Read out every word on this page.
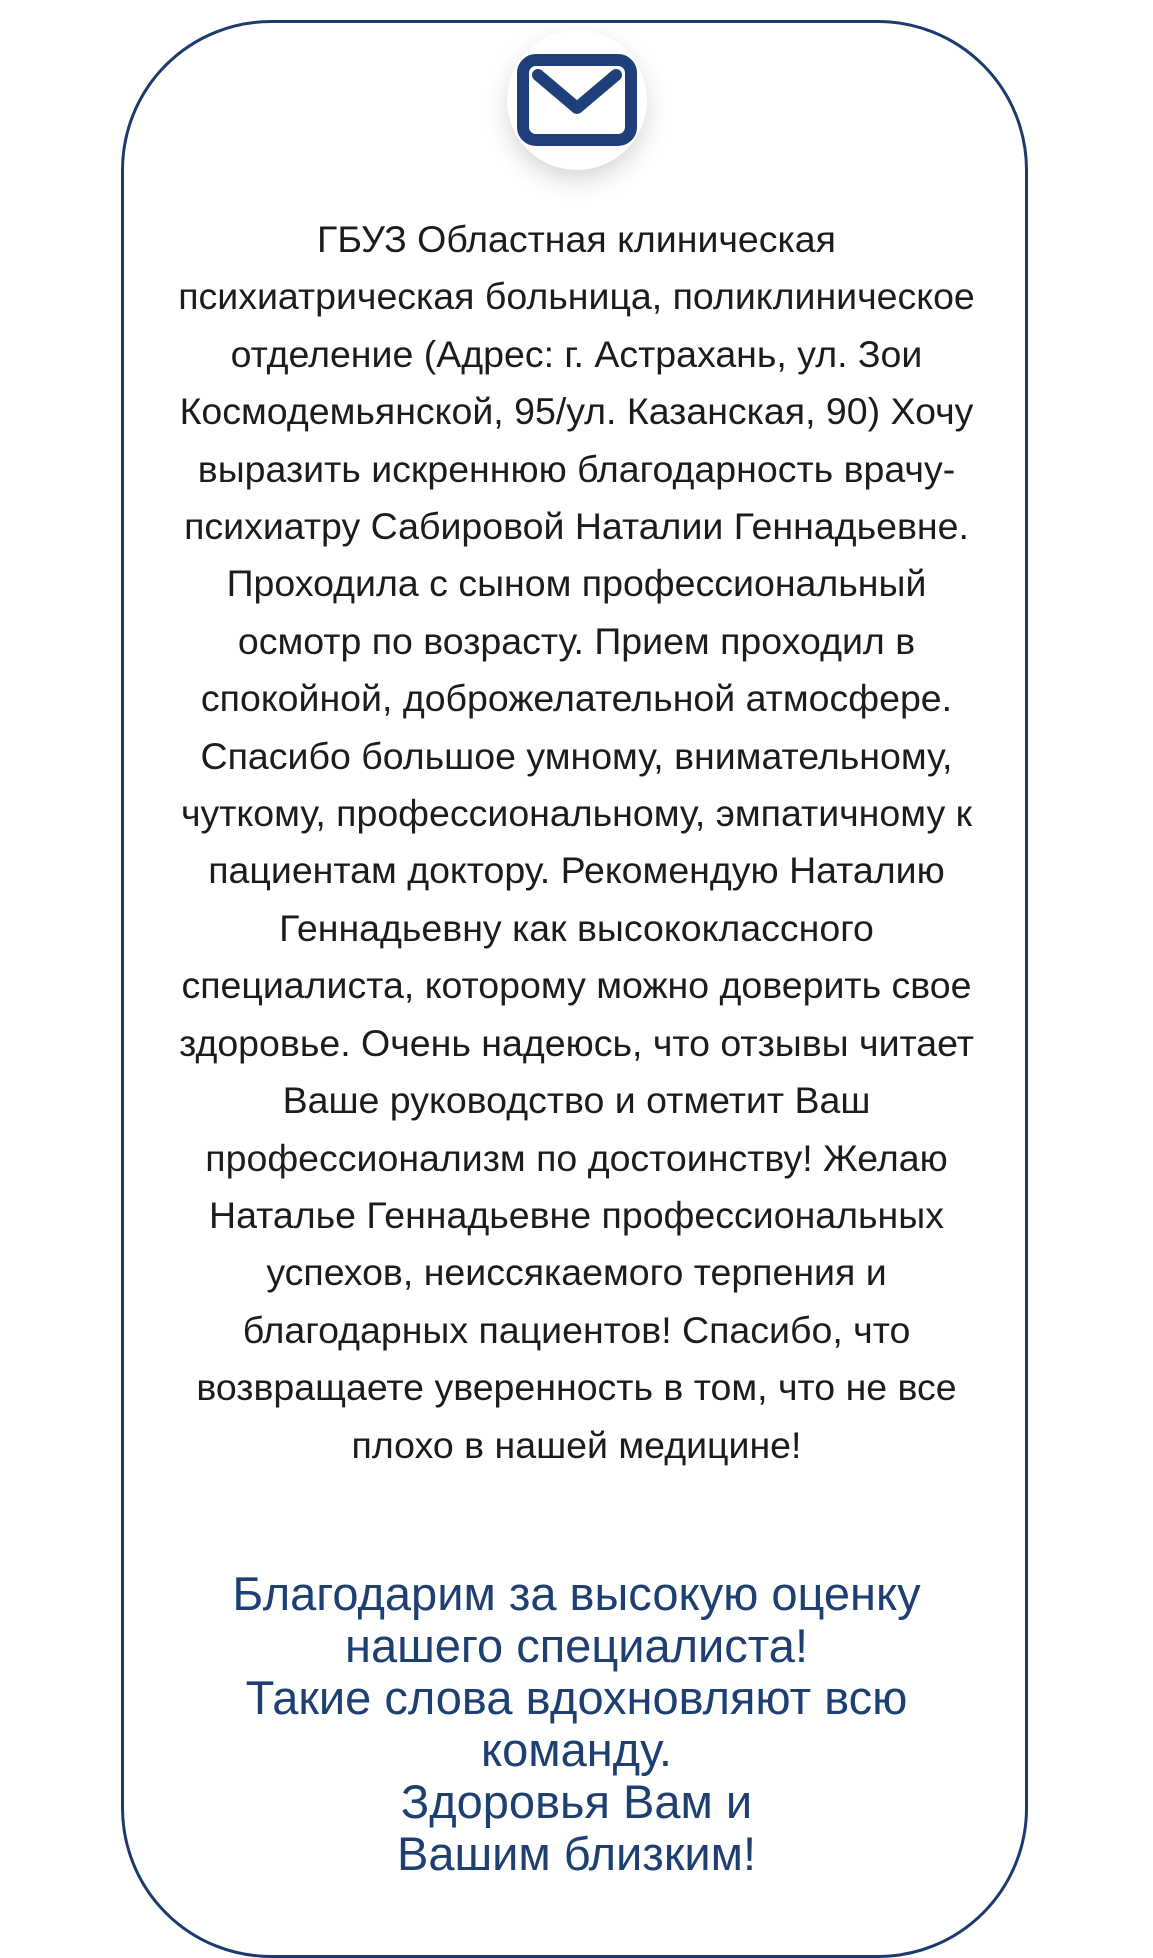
ГБУЗ Областная клиническая
психиатрическая больница, поликлиническое
отделение (Адрес: г. Астрахань, ул. Зои
Космодемьянской, 95/ул. Казанская, 90) Хочу
выразить искреннюю благодарность врачу-
психиатру Сабировой Наталии Геннадьевне.
Проходила с сыном профессиональный
осмотр по возрасту. Прием проходил в
спокойной, доброжелательной атмосфере.
Спасибо большое умному, внимательному,
чуткому, профессиональному, эмпатичному к
пациентам доктору. Рекомендую Наталию
Геннадьевну как высококлассного
специалиста, которому можно доверить свое
здоровье. Очень надеюсь, что отзывы читает
Ваше руководство и отметит Ваш
профессионализм по достоинству! Желаю
Наталье Геннадьевне профессиональных
успехов, неиссякаемого терпения и
благодарных пациентов! Спасибо, что
возвращаете уверенность в том, что не все
плохо в нашей медицине!

Благодарим за высокую оценку
нашего специалиста!
Такие слова вдохновляют всю
команду.
Здоровья Вам и
Вашим близким!
